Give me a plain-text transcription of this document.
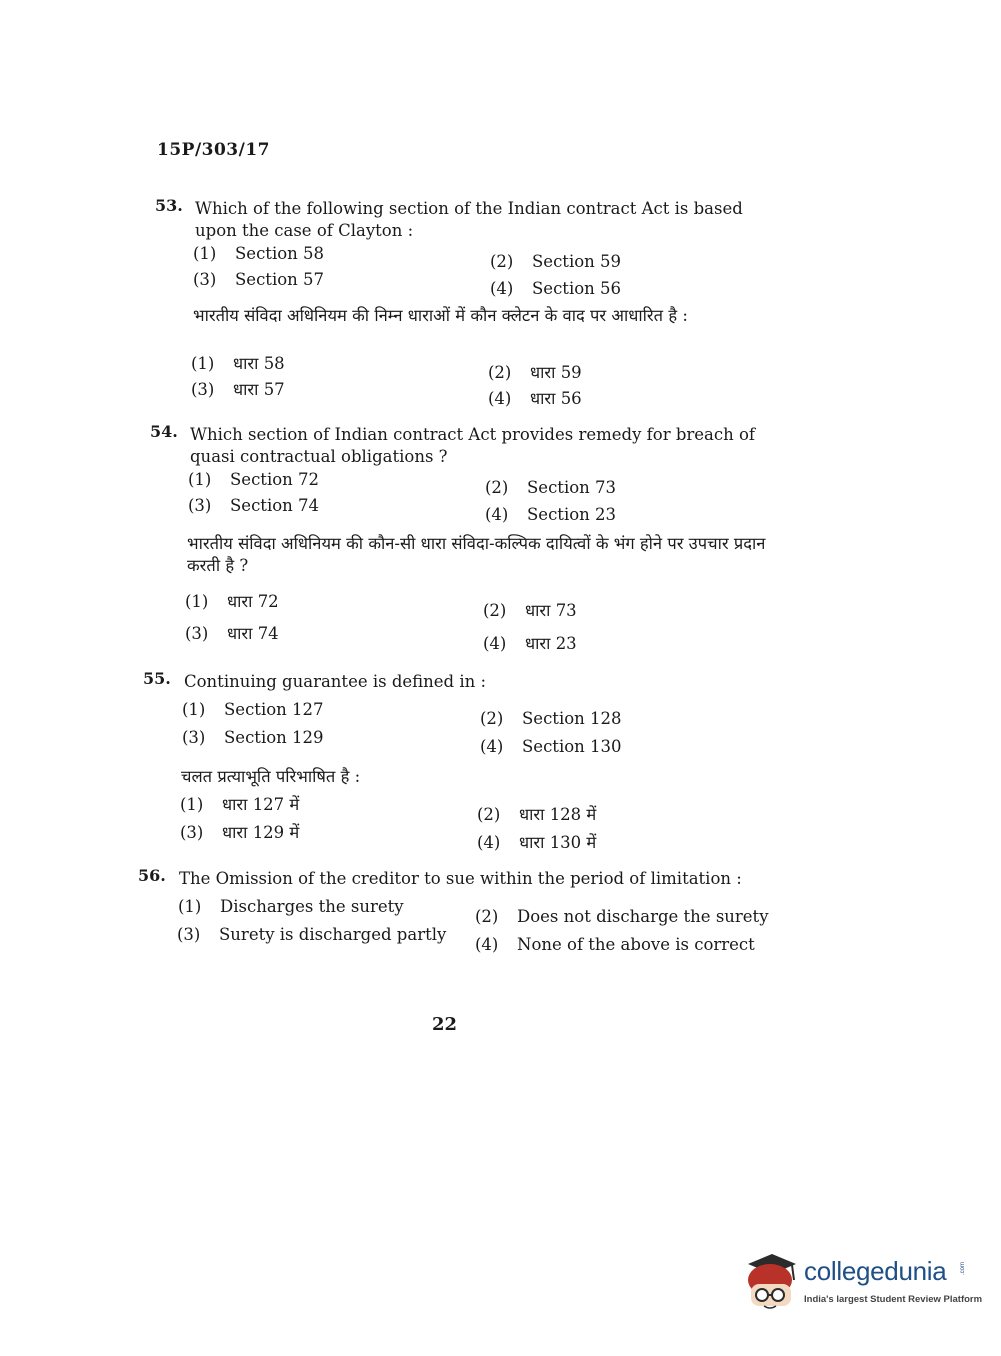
15P/303/17
53. Which of the following section of the Indian contract Act is based upon the case of Clayton :
(1) Section 58	(2) Section 59
(3) Section 57	(4) Section 56
भारतीय संविदा अधिनियम की निम्न धाराओं में कौन क्लेटन के वाद पर आधारित है :
(1) धारा 58	(2) धारा 59
(3) धारा 57	(4) धारा 56
54. Which section of Indian contract Act provides remedy for breach of quasi contractual obligations ?
(1) Section 72	(2) Section 73
(3) Section 74	(4) Section 23
भारतीय संविदा अधिनियम की कौन-सी धारा संविदा-कल्पिक दायित्वों के भंग होने पर उपचार प्रदान करती है ?
(1) धारा 72	(2) धारा 73
(3) धारा 74
(4) धारा 23
55. Continuing guarantee is defined in :
(1) Section 127	(2) Section 128
(3) Section 129	(4) Section 130
चलत प्रत्याभूति परिभाषित है :
(1) धारा 127 में
(2) धारा 128 में
(3) धारा 129 में
(4) धारा 130 में
56. The Omission of the creditor to sue within the period of limitation :
(1) Discharges the surety
(2) Does not discharge the surety
(3) Surety is discharged partly
(4) None of the above is correct
22
collegedunia .com
India's largest Student Review Platform
